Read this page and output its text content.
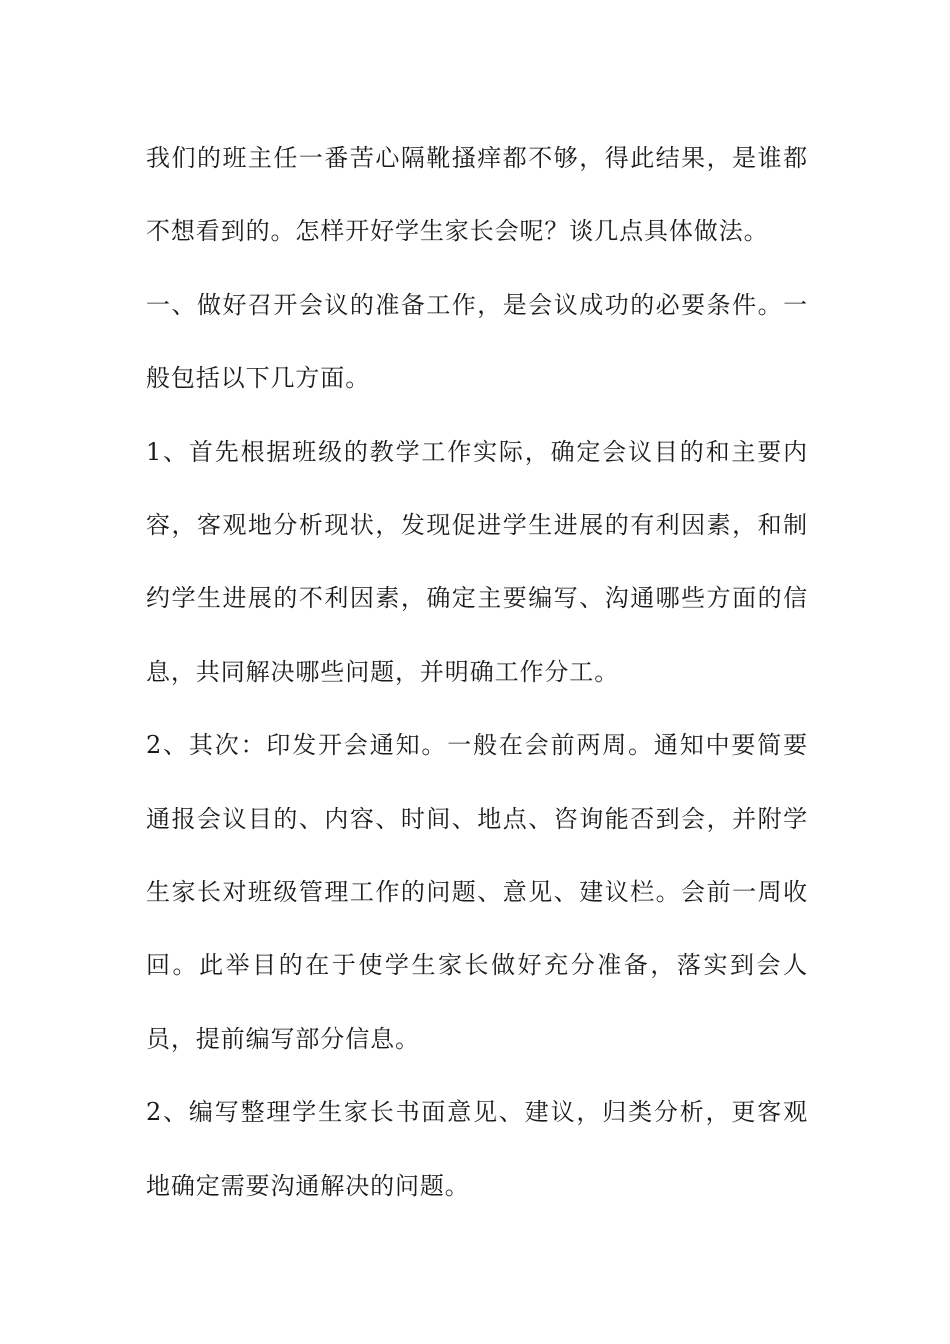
我们的班主任一番苦心隔靴搔痒都不够，得此结果，是谁都不想看到的。怎样开好学生家长会呢？谈几点具体做法。

一、做好召开会议的准备工作，是会议成功的必要条件。一般包括以下几方面。

1、首先根据班级的教学工作实际，确定会议目的和主要内容，客观地分析现状，发现促进学生进展的有利因素，和制约学生进展的不利因素，确定主要编写、沟通哪些方面的信息，共同解决哪些问题，并明确工作分工。

2、其次：印发开会通知。一般在会前两周。通知中要简要通报会议目的、内容、时间、地点、咨询能否到会，并附学生家长对班级管理工作的问题、意见、建议栏。会前一周收回。此举目的在于使学生家长做好充分准备，落实到会人员，提前编写部分信息。

2、编写整理学生家长书面意见、建议，归类分析，更客观地确定需要沟通解决的问题。
